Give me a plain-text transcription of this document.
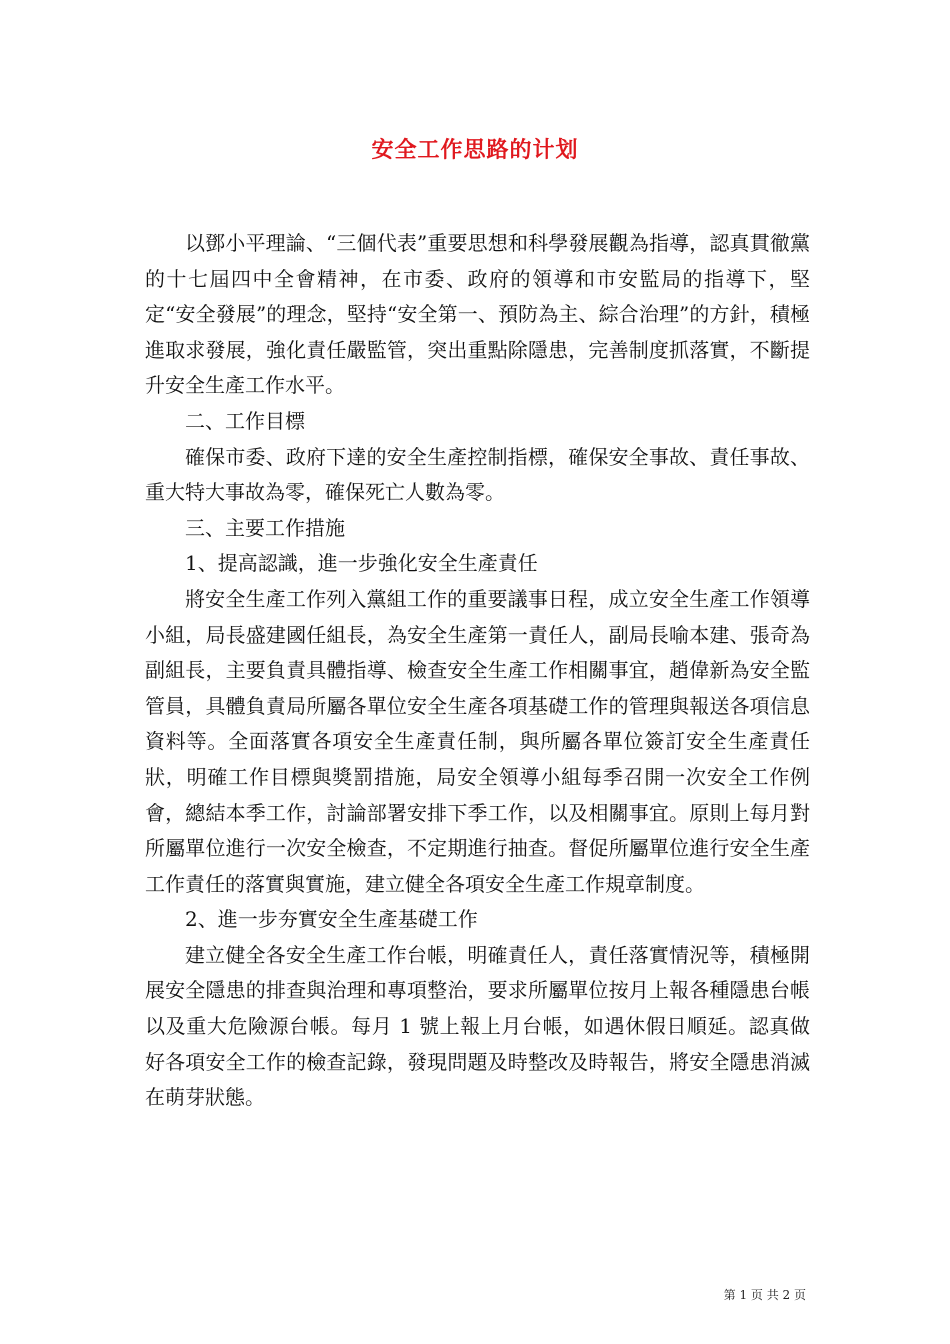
安全工作思路的计划

以鄧小平理論、“三個代表”重要思想和科學發展觀為指導，認真貫徹黨的十七屆四中全會精神，在市委、政府的領導和市安監局的指導下，堅定“安全發展”的理念，堅持“安全第一、預防為主、綜合治理”的方針，積極進取求發展，強化責任嚴監管，突出重點除隱患，完善制度抓落實，不斷提升安全生產工作水平。

二、工作目標

確保市委、政府下達的安全生產控制指標，確保安全事故、責任事故、重大特大事故為零，確保死亡人數為零。

三、主要工作措施

1、提高認識，進一步強化安全生產責任

將安全生產工作列入黨組工作的重要議事日程，成立安全生產工作領導小組，局長盛建國任組長，為安全生產第一責任人，副局長喻本建、張奇為副組長，主要負責具體指導、檢查安全生產工作相關事宜，趙偉新為安全監管員，具體負責局所屬各單位安全生產各項基礎工作的管理與報送各項信息資料等。全面落實各項安全生產責任制，與所屬各單位簽訂安全生產責任狀，明確工作目標與獎罰措施，局安全領導小組每季召開一次安全工作例會，總結本季工作，討論部署安排下季工作，以及相關事宜。原則上每月對所屬單位進行一次安全檢查，不定期進行抽查。督促所屬單位進行安全生產工作責任的落實與實施，建立健全各項安全生產工作規章制度。

2、進一步夯實安全生產基礎工作

建立健全各安全生產工作台帳，明確責任人，責任落實情況等，積極開展安全隱患的排查與治理和專項整治，要求所屬單位按月上報各種隱患台帳以及重大危險源台帳。每月 1 號上報上月台帳，如遇休假日順延。認真做好各項安全工作的檢查記錄，發現問題及時整改及時報告，將安全隱患消滅在萌芽狀態。

第 1 页 共 2 页
